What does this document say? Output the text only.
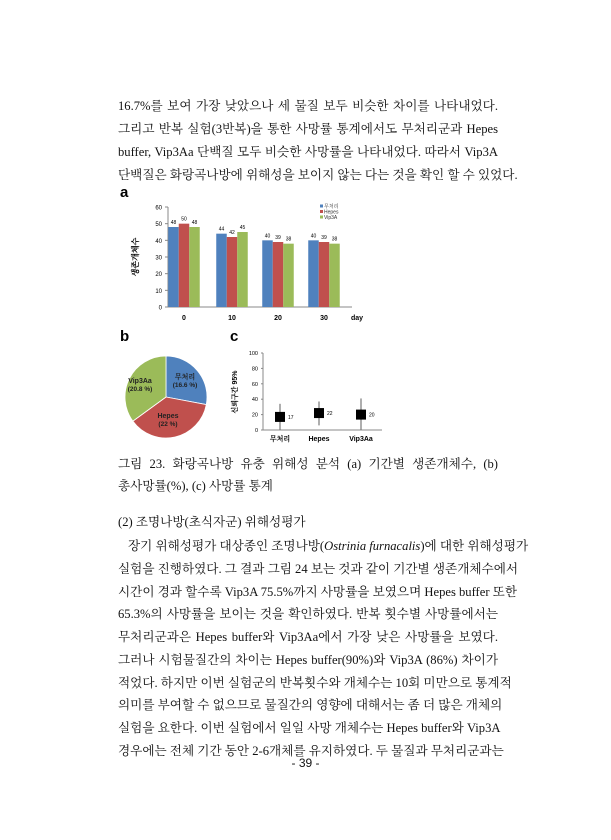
16.7%를 보여 가장 낮았으나 세 물질 보두 비슷한 차이를 나타내었다.
그리고 반복 실험(3반복)을 통한 사망률 통계에서도 무처리군과 Hepes
buffer, Vip3Aa 단백질 모두 비슷한 사망률을 나타내었다. 따라서 Vip3A
단백질은 화랑곡나방에 위해성을 보이지 않는 다는 것을 확인 할 수 있었다.
a
b	c
0
10
20
30
40
50
60
생존개체수
0
48
50
48
10
44
42
45
20
40 39 38
30
40 39 38
day
무처리
Hepes
Vip3A
무처리
(16.6 %)
Hepes
(22 %)
Vip3Aa
(20.8 %)
0
20
40
60
80
100
신뢰구간 95%
17
무처리
22
Hepes
20
Vip3Aa
그림 23. 화랑곡나방 유충 위해성 분석 (a) 기간별 생존개체수, (b)
총사망률(%), (c) 사망률 통계
(2) 조명나방(초식자군) 위해성평가
장기 위해성평가 대상종인 조명나방(Ostrinia furnacalis)에 대한 위해성평가
실험을 진행하였다. 그 결과 그림 24 보는 것과 같이 기간별 생존개체수에서
시간이 경과 할수록 Vip3A 75.5%까지 사망률을 보였으며 Hepes buffer 또한
65.3%의 사망률을 보이는 것을 확인하였다. 반복 횟수별 사망률에서는
무처리군과은 Hepes buffer와 Vip3Aa에서 가장 낮은 사망률을 보였다.
그러나 시험물질간의 차이는 Hepes buffer(90%)와 Vip3A (86%) 차이가
적었다. 하지만 이번 실험군의 반복횟수와 개체수는 10회 미만으로 통계적
의미를 부여할 수 없으므로 물질간의 영향에 대해서는 좀 더 많은 개체의
실험을 요한다. 이번 실험에서 일일 사망 개체수는 Hepes buffer와 Vip3A
경우에는 전체 기간 동안 2-6개체를 유지하였다. 두 물질과 무처리군과는
- 39 -
